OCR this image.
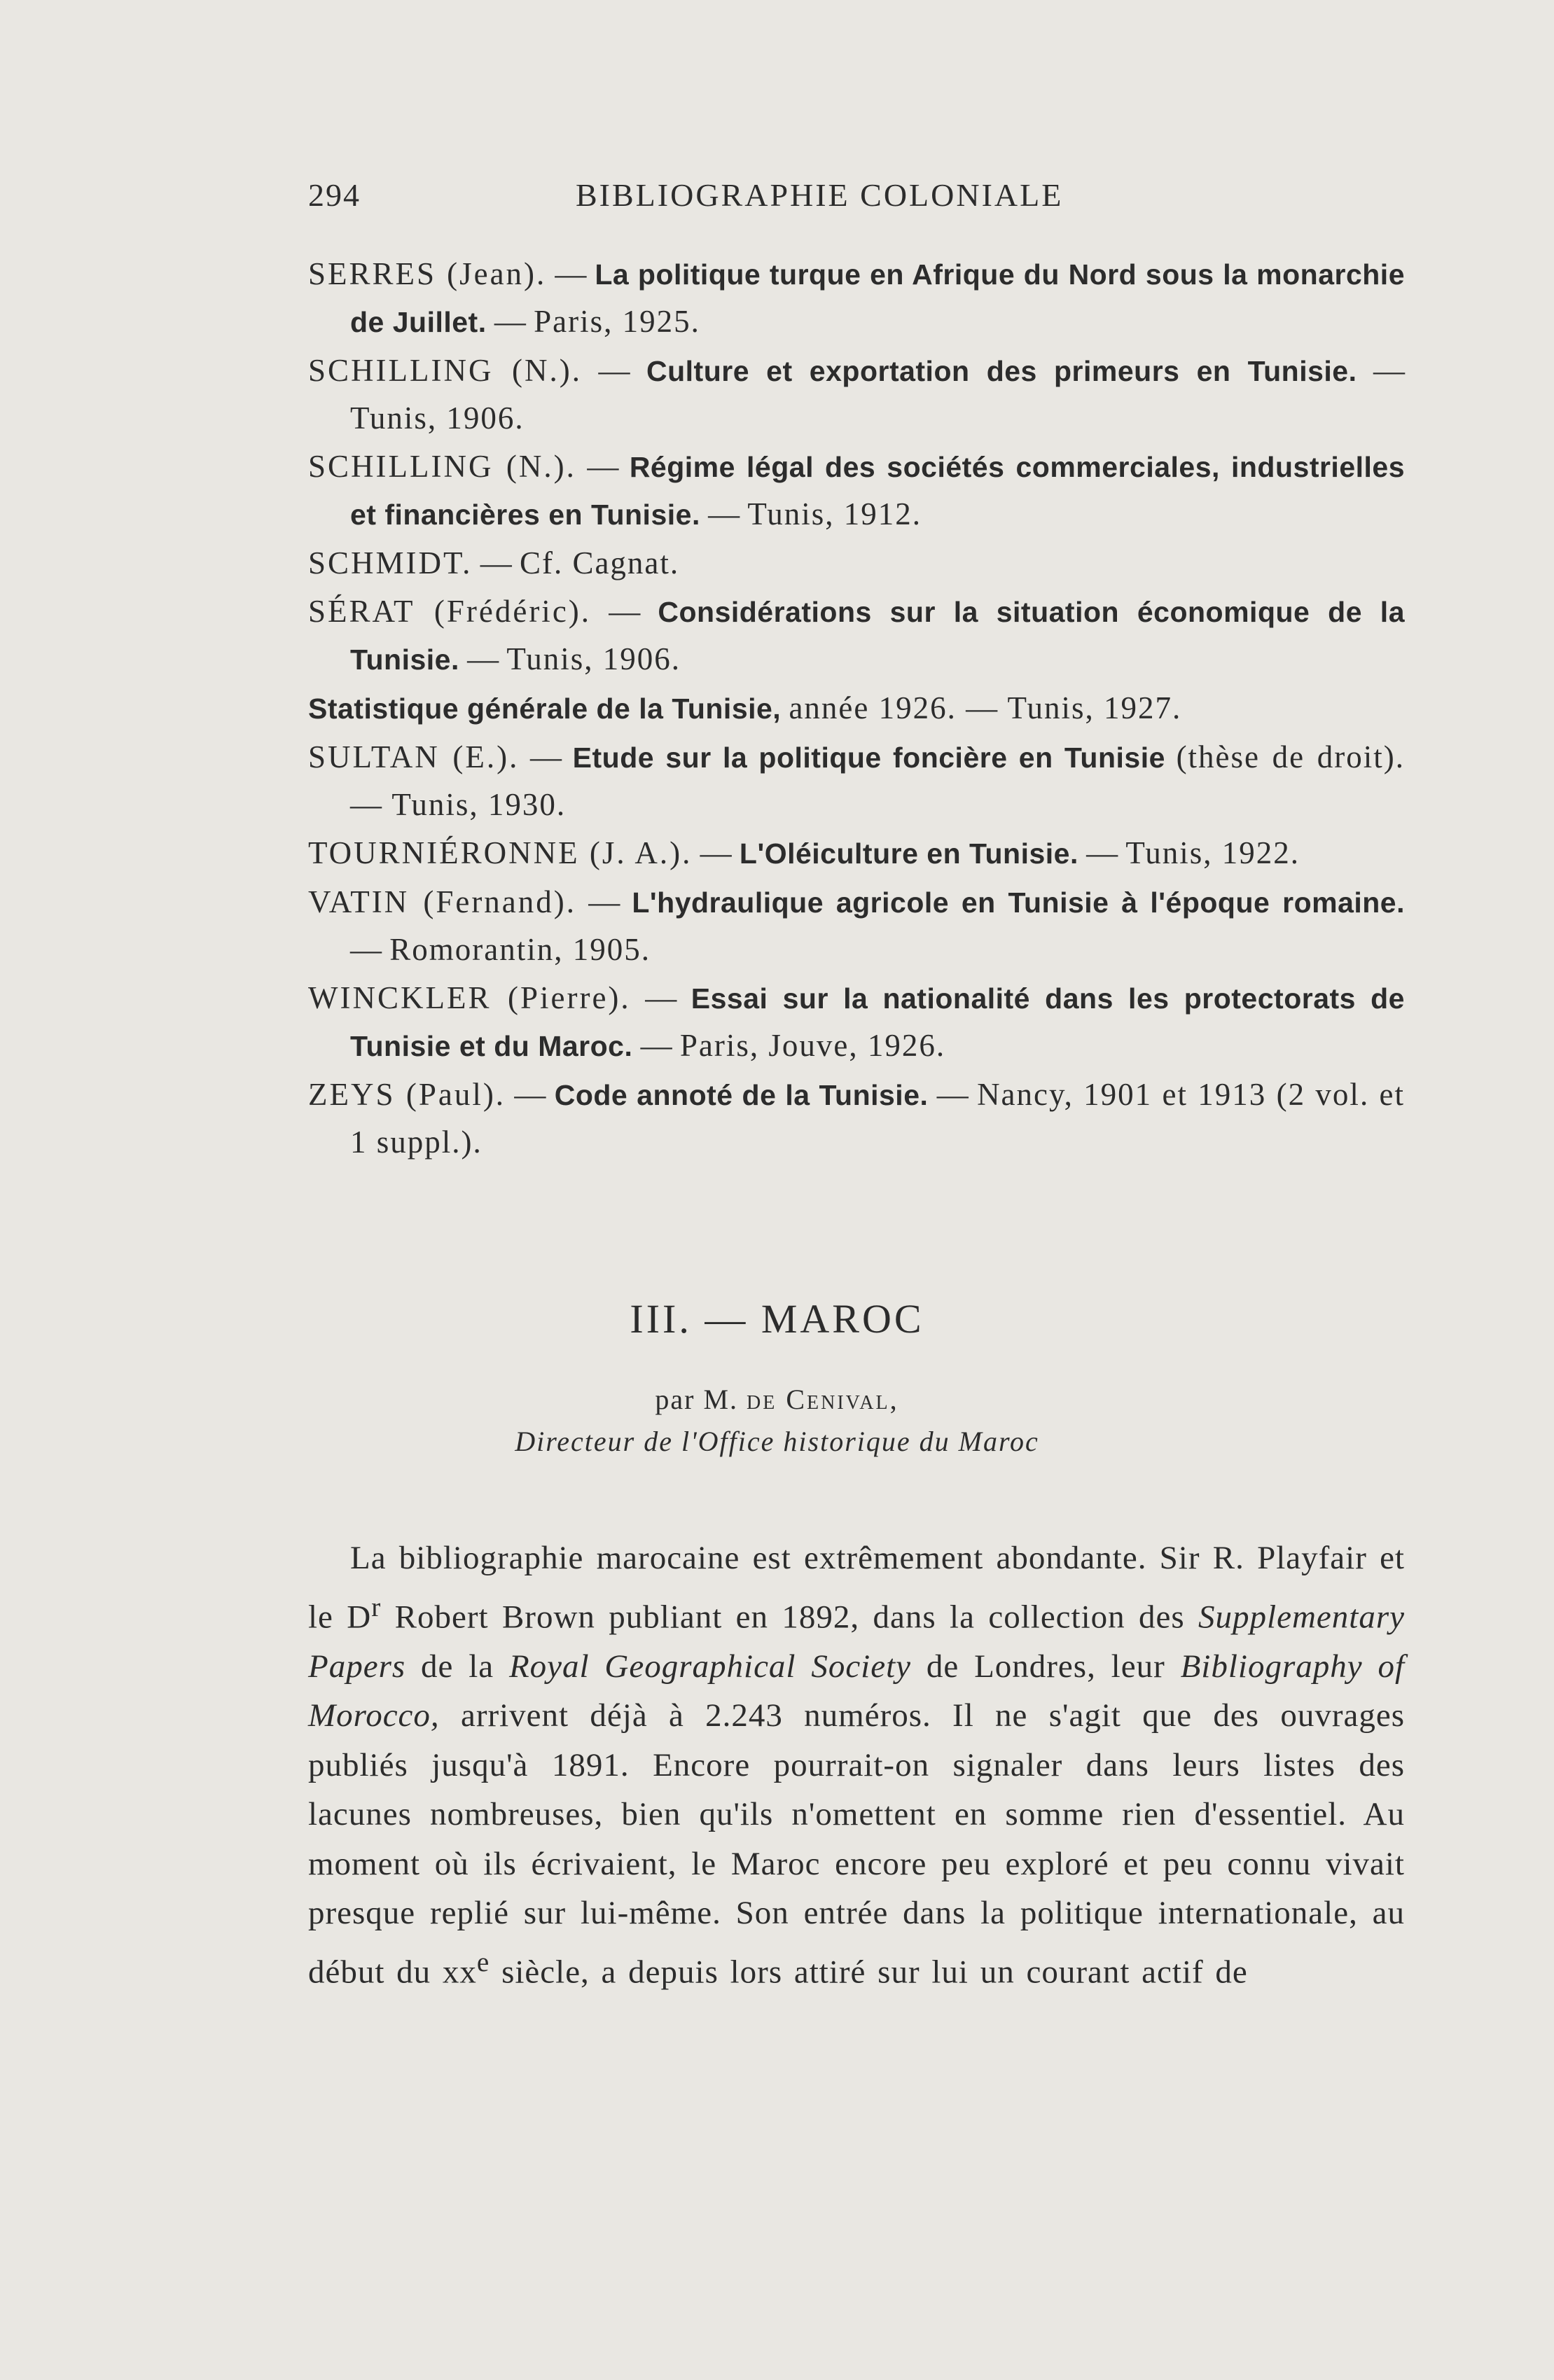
294	BIBLIOGRAPHIE COLONIALE

SERRES (Jean). — La politique turque en Afrique du Nord sous la monarchie de Juillet. — Paris, 1925.

SCHILLING (N.). — Culture et exportation des primeurs en Tunisie. — Tunis, 1906.

SCHILLING (N.). — Régime légal des sociétés commerciales, industrielles et financières en Tunisie. — Tunis, 1912.

SCHMIDT. — Cf. Cagnat.

SÉRAT (Frédéric). — Considérations sur la situation économique de la Tunisie. — Tunis, 1906.

Statistique générale de la Tunisie, année 1926. — Tunis, 1927.

SULTAN (E.). — Etude sur la politique foncière en Tunisie (thèse de droit). — Tunis, 1930.

TOURNIÉRONNE (J. A.). — L'Oléiculture en Tunisie. — Tunis, 1922.

VATIN (Fernand). — L'hydraulique agricole en Tunisie à l'époque romaine. — Romorantin, 1905.

WINCKLER (Pierre). — Essai sur la nationalité dans les protectorats de Tunisie et du Maroc. — Paris, Jouve, 1926.

ZEYS (Paul). — Code annoté de la Tunisie. — Nancy, 1901 et 1913 (2 vol. et 1 suppl.).

III. — MAROC
par M. de Cenival,
Directeur de l'Office historique du Maroc

La bibliographie marocaine est extrêmement abondante. Sir R. Playfair et le $D^r$ Robert Brown publiant en 1892, dans la collection des Supplementary Papers de la Royal Geographical Society de Londres, leur Bibliography of Morocco, arrivent déjà à 2.243 numéros. Il ne s'agit que des ouvrages publiés jusqu'à 1891. Encore pourrait-on signaler dans leurs listes des lacunes nombreuses, bien qu'ils n'omettent en somme rien d'essentiel. Au moment où ils écrivaient, le Maroc encore peu exploré et peu connu vivait presque replié sur lui-même. Son entrée dans la politique internationale, au début du $xx^e$ siècle, a depuis lors attiré sur lui un courant actif de
